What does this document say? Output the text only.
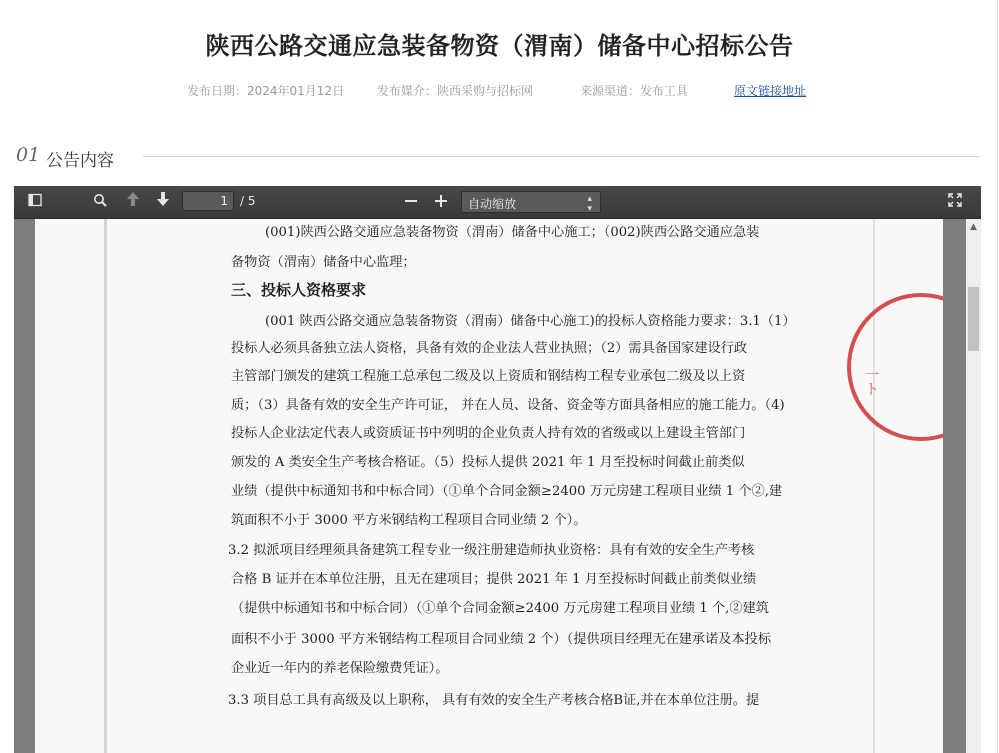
陕西公路交通应急装备物资（渭南）储备中心招标公告
发布日期：2024年01月12日	发布媒介：陕西采购与招标网	来源渠道：发布工具	原文链接地址
01 公告内容
1
/ 5	自动缩放	▴
▾
一
ト
(001)陕西公路交通应急装备物资（渭南）储备中心施工；（002)陕西公路交通应急装
备物资（渭南）储备中心监理；
三、投标人资格要求
(001 陕西公路交通应急装备物资（渭南）储备中心施工)的投标人资格能力要求：3.1（1）
投标人必须具备独立法人资格，具备有效的企业法人营业执照；（2）需具备国家建设行政
主管部门颁发的建筑工程施工总承包二级及以上资质和钢结构工程专业承包二级及以上资
质；（3）具备有效的安全生产许可证， 并在人员、设备、资金等方面具备相应的施工能力。（4)
投标人企业法定代表人或资质证书中列明的企业负责人持有效的省级或以上建设主管部门
颁发的 A 类安全生产考核合格证。（5）投标人提供 2021 年 1 月至投标时间截止前类似
业绩（提供中标通知书和中标合同）（①单个合同金额≥2400 万元房建工程项目业绩 1 个②,建
筑面积不小于 3000 平方米钢结构工程项目合同业绩 2 个）。
3.2 拟派项目经理须具备建筑工程专业一级注册建造师执业资格：具有有效的安全生产考核
合格 B 证并在本单位注册，且无在建项目；提供 2021 年 1 月至投标时间截止前类似业绩
（提供中标通知书和中标合同）（①单个合同金额≥2400 万元房建工程项目业绩 1 个,②建筑
面积不小于 3000 平方米钢结构工程项目合同业绩 2 个）（提供项目经理无在建承诺及本投标
企业近一年内的养老保险缴费凭证）。
3.3 项目总工具有高级及以上职称， 具有有效的安全生产考核合格B证,并在本单位注册。提
▲
